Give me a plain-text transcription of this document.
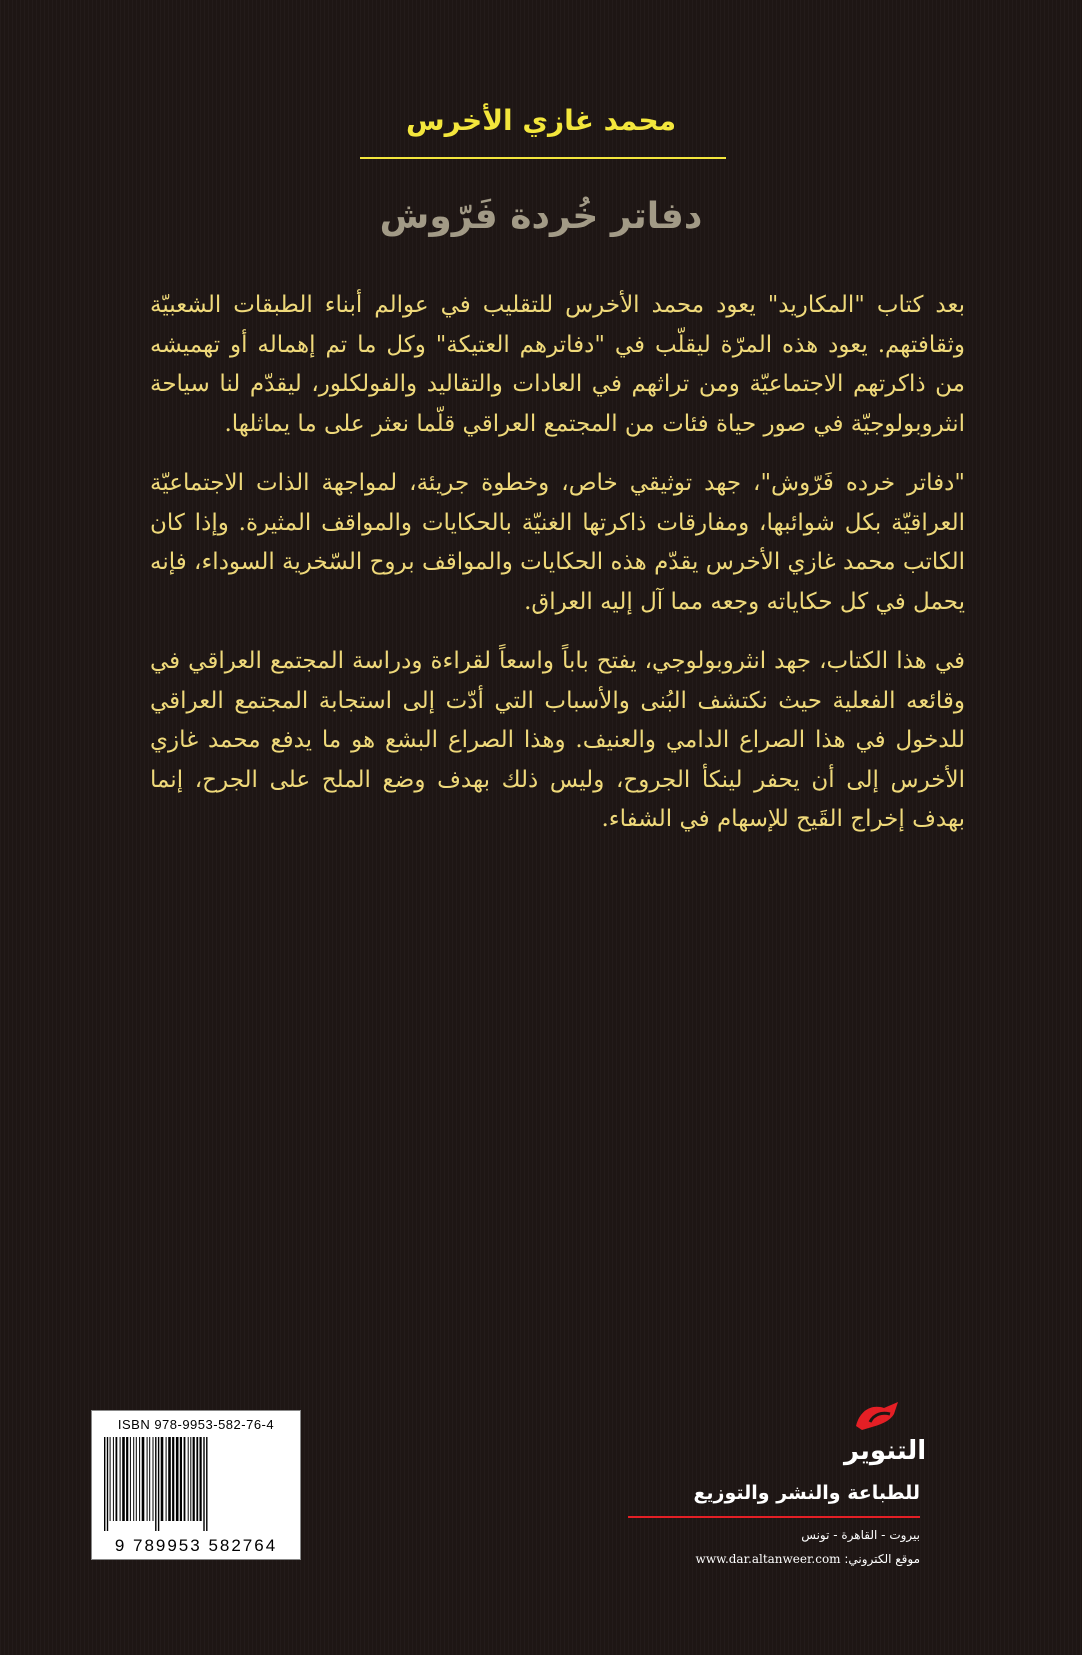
محمد غازي الأخرس
دفاتر خُردة فَرّوش

بعد كتاب "المكاريد" يعود محمد الأخرس للتقليب في عوالم أبناء الطبقات الشعبيّة وثقافتهم. يعود هذه المرّة ليقلّب في "دفاترهم العتيكة" وكل ما تم إهماله أو تهميشه من ذاكرتهم الاجتماعيّة ومن تراثهم في العادات والتقاليد والفولكلور، ليقدّم لنا سياحة انثروبولوجيّة في صور حياة فئات من المجتمع العراقي قلّما نعثر على ما يماثلها.

"دفاتر خرده فَرّوش"، جهد توثيقي خاص، وخطوة جريئة، لمواجهة الذات الاجتماعيّة العراقيّة بكل شوائبها، ومفارقات ذاكرتها الغنيّة بالحكايات والمواقف المثيرة. وإذا كان الكاتب محمد غازي الأخرس يقدّم هذه الحكايات والمواقف بروح السّخرية السوداء، فإنه يحمل في كل حكاياته وجعه مما آل إليه العراق.

في هذا الكتاب، جهد انثروبولوجي، يفتح باباً واسعاً لقراءة ودراسة المجتمع العراقي في وقائعه الفعلية حيث نكتشف البُنى والأسباب التي أدّت إلى استجابة المجتمع العراقي للدخول في هذا الصراع الدامي والعنيف. وهذا الصراع البشع هو ما يدفع محمد غازي الأخرس إلى أن يحفر لينكأ الجروح، وليس ذلك بهدف وضع الملح على الجرح، إنما بهدف إخراج القَيح للإسهام في الشفاء.

ISBN 978-9953-582-76-4
9 789953 582764
التنوير
للطباعة والنشر والتوزيع
بيروت - القاهرة - تونس
موقع الكتروني: www.dar.altanweer.com
